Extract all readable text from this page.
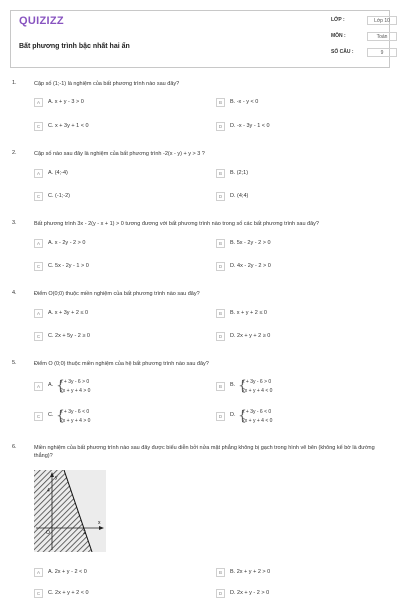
QUIZIZZ
Bất phương trình bậc nhất hai ẩn
LỚP :	Lớp 10
MÔN :	Toán
SỐ CÂU :	9
1.	Cặp số (1;-1) là nghiệm của bất phương trình nào sau đây?
A	A. x + y - 3 > 0	B	B. -x - y < 0
C	C. x + 3y + 1 < 0	D	D. -x - 3y - 1 < 0
2.	Cặp số nào sau đây là nghiệm của bất phương trình -2(x - y) + y > 3 ?
A	A. (4;-4)	B	B. (2;1)
C	C. (-1;-2)	D	D. (4;4)
3.	Bất phương trình 3x - 2(y - x + 1) > 0 tương đương với bất phương trình nào trong số các bất phương trình sau đây?
A	A. x - 2y - 2 > 0	B	B. 5x - 2y - 2 > 0
C	C. 5x - 2y - 1 > 0	D	D. 4x - 2y - 2 > 0
4.	Điểm O(0;0) thuộc miền nghiệm của bất phương trình nào sau đây?
A	A. x + 3y + 2 ≤ 0	B	B. x + y + 2 ≤ 0
C	C. 2x + 5y - 2 ≥ 0	D	D. 2x + y + 2 ≥ 0
5.	Điểm O (0;0) thuộc miền nghiệm của hệ bất phương trình nào sau đây?
A	A. {
x + 3y - 6 > 0
2x + y + 4 > 0
B	B. {
x + 3y - 6 > 0
2x + y + 4 < 0
C	C. {
x + 3y - 6 < 0
2x + y + 4 > 0
D	D. {
x + 3y - 6 < 0
2x + y + 4 < 0
6.	Miền nghiệm của bất phương trình nào sau đây được biểu diễn bởi nửa mặt phẳng không bị gạch trong hình vẽ bên (không kể bờ là đường thẳng)?
y
x
O
4
2
A	A. 2x + y - 2 < 0	B	B. 2x + y + 2 > 0
C	C. 2x + y + 2 < 0	D	D. 2x + y - 2 > 0
